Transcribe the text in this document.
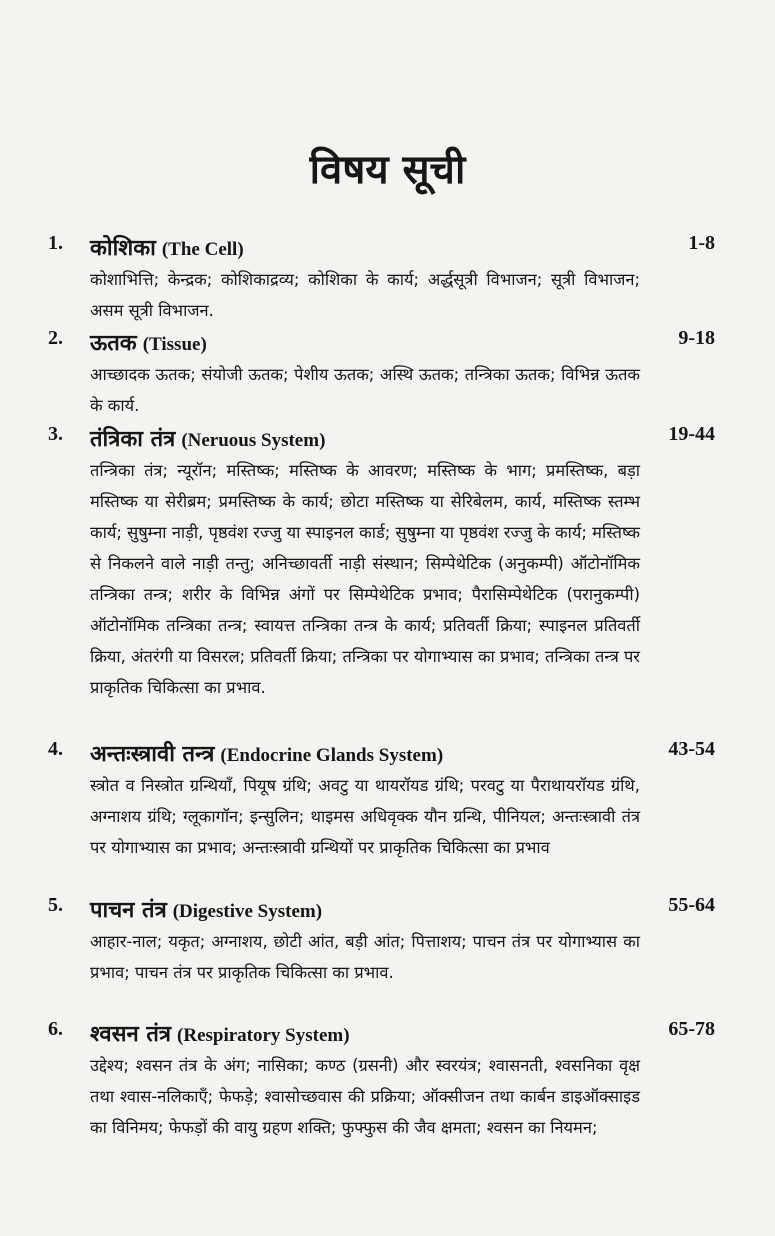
विषय सूची
1. कोशिका (The Cell)	1-8
कोशाभित्ति; केन्द्रक; कोशिकाद्रव्य; कोशिका के कार्य; अर्द्धसूत्री विभाजन; सूत्री विभाजन; असम सूत्री विभाजन.
2. ऊतक (Tissue)	9-18
आच्छादक ऊतक; संयोजी ऊतक; पेशीय ऊतक; अस्थि ऊतक; तन्त्रिका ऊतक; विभिन्न ऊतक के कार्य.
3. तंत्रिका तंत्र (Neruous System)	19-44
तन्त्रिका तंत्र; न्यूरॉन; मस्तिष्क; मस्तिष्क के आवरण; मस्तिष्क के भाग; प्रमस्तिष्क, बड़ा मस्तिष्क या सेरीब्रम; प्रमस्तिष्क के कार्य; छोटा मस्तिष्क या सेरिबेलम, कार्य, मस्तिष्क स्तम्भ कार्य; सुषुम्ना नाड़ी, पृष्ठवंश रज्जु या स्पाइनल कार्ड; सुषुम्ना या पृष्ठवंश रज्जु के कार्य; मस्तिष्क से निकलने वाले नाड़ी तन्तु; अनिच्छावर्ती नाड़ी संस्थान; सिम्पेथेटिक (अनुकम्पी) ऑटोनॉमिक तन्त्रिका तन्त्र; शरीर के विभिन्न अंगों पर सिम्पेथेटिक प्रभाव; पैरासिम्पेथेटिक (परानुकम्पी) ऑटोनॉमिक तन्त्रिका तन्त्र; स्वायत्त तन्त्रिका तन्त्र के कार्य; प्रतिवर्ती क्रिया; स्पाइनल प्रतिवर्ती क्रिया, अंतरंगी या विसरल; प्रतिवर्ती क्रिया; तन्त्रिका पर योगाभ्यास का प्रभाव; तन्त्रिका तन्त्र पर प्राकृतिक चिकित्सा का प्रभाव.
4. अन्तःस्त्रावी तन्त्र (Endocrine Glands System)	43-54
स्त्रोत व निस्त्रोत ग्रन्थियाँ, पियूष ग्रंथि; अवटु या थायरॉयड ग्रंथि; परवटु या पैराथायरॉयड ग्रंथि, अग्नाशय ग्रंथि; ग्लूकागॉन; इन्सुलिन; थाइमस अधिवृक्क यौन ग्रन्थि, पीनियल; अन्तःस्त्रावी तंत्र पर योगाभ्यास का प्रभाव; अन्तःस्त्रावी ग्रन्थियों पर प्राकृतिक चिकित्सा का प्रभाव
5. पाचन तंत्र (Digestive System)	55-64
आहार-नाल; यकृत; अग्नाशय, छोटी आंत, बड़ी आंत; पित्ताशय; पाचन तंत्र पर योगाभ्यास का प्रभाव; पाचन तंत्र पर प्राकृतिक चिकित्सा का प्रभाव.
6. श्वसन तंत्र (Respiratory System)	65-78
उद्देश्य; श्वसन तंत्र के अंग; नासिका; कण्ठ (ग्रसनी) और स्वरयंत्र; श्वासनती, श्वसनिका वृक्ष तथा श्वास-नलिकाएँ; फेफड़े; श्वासोच्छवास की प्रक्रिया; ऑक्सीजन तथा कार्बन डाइऑक्साइड का विनिमय; फेफड़ों की वायु ग्रहण शक्ति; फुफ्फुस की जैव क्षमता; श्वसन का नियमन;
